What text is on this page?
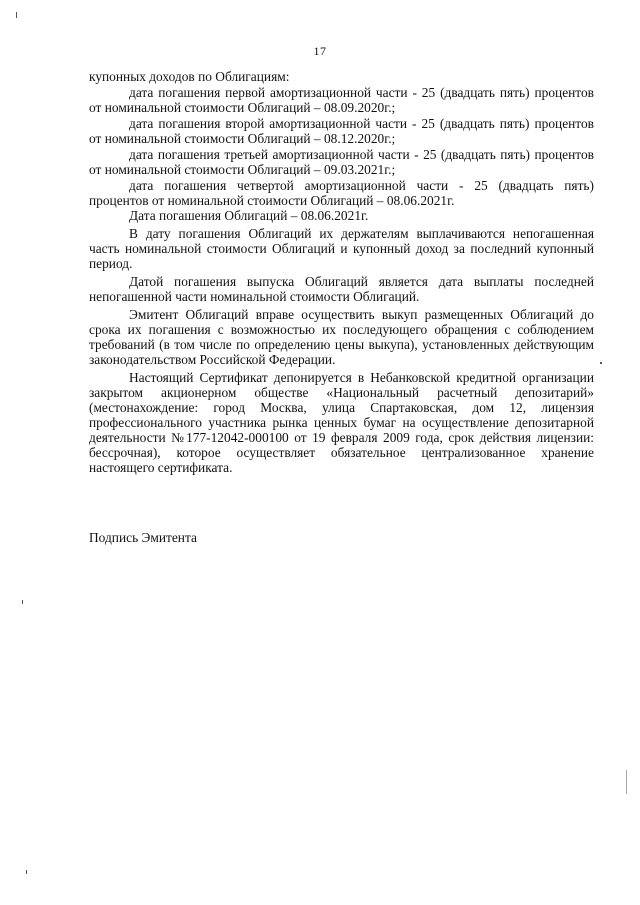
17

купонных доходов по Облигациям:

дата погашения первой амортизационной части - 25 (двадцать пять) процентов от номинальной стоимости Облигаций – 08.09.2020г.;

дата погашения второй амортизационной части - 25 (двадцать пять) процентов от номинальной стоимости Облигаций – 08.12.2020г.;

дата погашения третьей амортизационной части - 25 (двадцать пять) процентов от номинальной стоимости Облигаций – 09.03.2021г.;

дата погашения четвертой амортизационной части - 25 (двадцать пять) процентов от номинальной стоимости Облигаций – 08.06.2021г.

Дата погашения Облигаций – 08.06.2021г.

В дату погашения Облигаций их держателям выплачиваются непогашенная часть номинальной стоимости Облигаций и купонный доход за последний купонный период.

Датой погашения выпуска Облигаций является дата выплаты последней непогашенной части номинальной стоимости Облигаций.

Эмитент Облигаций вправе осуществить выкуп размещенных Облигаций до срока их погашения с возможностью их последующего обращения с соблюдением требований (в том числе по определению цены выкупа), установленных действующим законодательством Российской Федерации.

Настоящий Сертификат депонируется в Небанковской кредитной организации закрытом акционерном обществе «Национальный расчетный депозитарий» (местонахождение: город Москва, улица Спартаковская, дом 12, лицензия профессионального участника рынка ценных бумаг на осуществление депозитарной деятельности №177-12042-000100 от 19 февраля 2009 года, срок действия лицензии: бессрочная), которое осуществляет обязательное централизованное хранение настоящего сертификата.

Подпись Эмитента
